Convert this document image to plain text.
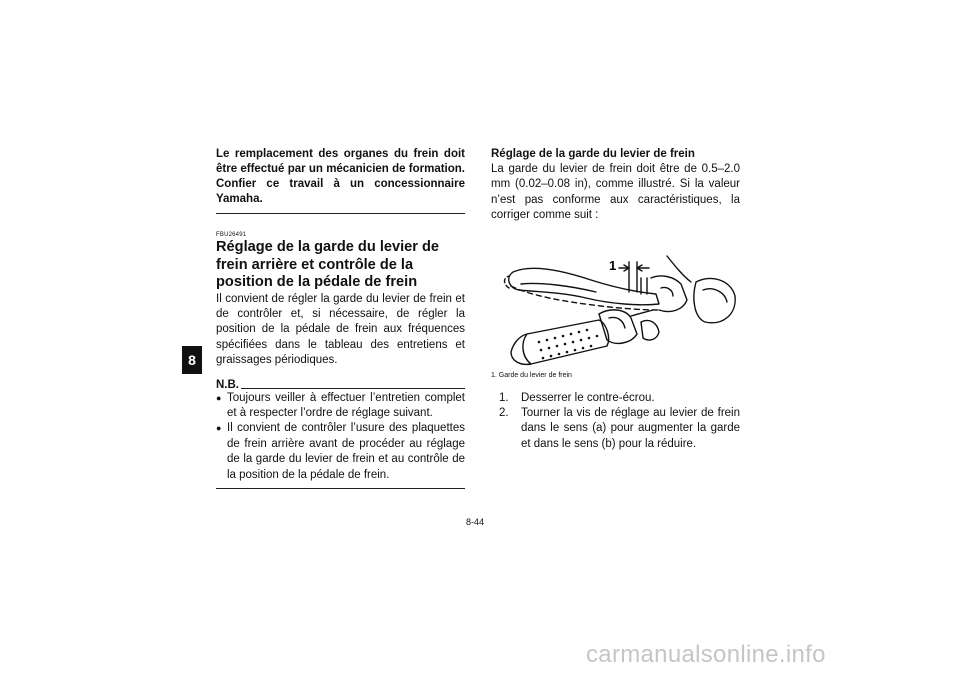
8
Le remplacement des organes du frein doit être effectué par un mécanicien de formation. Confier ce travail à un concessionnaire Yamaha.
FBU26491
Réglage de la garde du levier de frein arrière et contrôle de la position de la pédale de frein
Il convient de régler la garde du levier de frein et de contrôler et, si nécessaire, de régler la position de la pédale de frein aux fréquences spécifiées dans le tableau des entretiens et graissages périodiques.
N.B.
● Toujours veiller à effectuer l’entretien complet et à respecter l’ordre de réglage suivant.
● Il convient de contrôler l’usure des plaquettes de frein arrière avant de procéder au réglage de la garde du levier de frein et au contrôle de la position de la pédale de frein.
Réglage de la garde du levier de frein
La garde du levier de frein doit être de 0.5–2.0 mm (0.02–0.08 in), comme illustré. Si la valeur n’est pas conforme aux caractéristiques, la corriger comme suit :
1
1. Garde du levier de frein
1.	Desserrer le contre-écrou.
2.	Tourner la vis de réglage au levier de frein dans le sens (a) pour augmenter la garde et dans le sens (b) pour la réduire.
8-44
carmanualsonline.info
